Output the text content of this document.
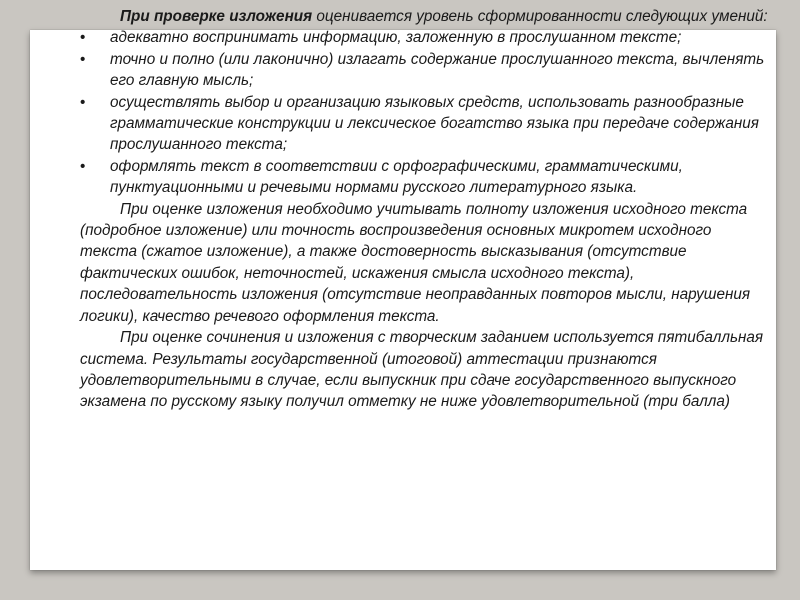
При проверке изложения оценивается уровень сформированности следующих умений:

• адекватно воспринимать информацию, заложенную в прослушанном тексте;
• точно и полно (или лаконично) излагать содержание прослушанного текста, вычленять его главную мысль;
• осуществлять выбор и организацию языковых средств, использовать разнообразные грамматические конструкции и лексическое богатство языка при передаче содержания прослушанного текста;
• оформлять текст в соответствии с орфографическими, грамматическими, пунктуационными и речевыми нормами русского литературного языка.

При оценке изложения необходимо учитывать полноту изложения исходного текста (подробное изложение) или точность воспроизведения основных микротем исходного текста (сжатое изложение), а также достоверность высказывания (отсутствие фактических ошибок, неточностей, искажения смысла исходного текста), последовательность изложения (отсутствие неоправданных повторов мысли, нарушения логики), качество речевого оформления текста.

При оценке сочинения и изложения с творческим заданием используется пятибалльная система. Результаты государственной (итоговой) аттестации признаются удовлетворительными в случае, если выпускник при сдаче государственного выпускного экзамена по русскому языку получил отметку не ниже удовлетворительной (три балла)
